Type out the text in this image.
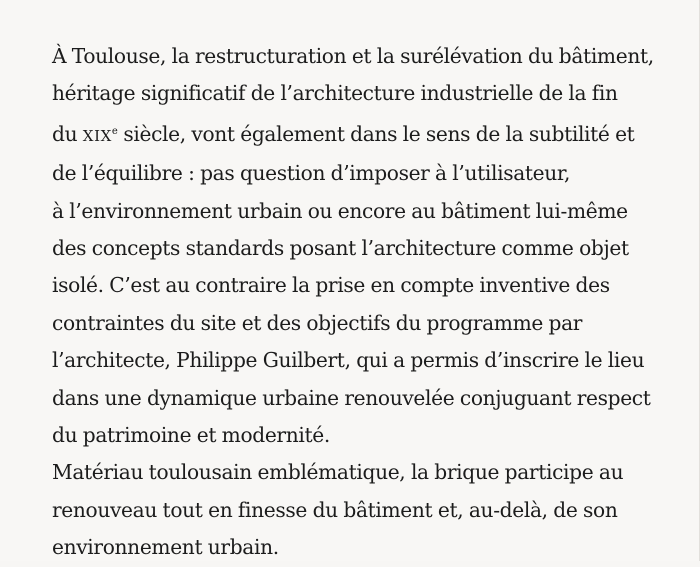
À Toulouse, la restructuration et la surélévation du bâtiment,
héritage significatif de l’architecture industrielle de la fin
du XIXe siècle, vont également dans le sens de la subtilité et
de l’équilibre : pas question d’imposer à l’utilisateur,
à l’environnement urbain ou encore au bâtiment lui-même
des concepts standards posant l’architecture comme objet
isolé. C’est au contraire la prise en compte inventive des
contraintes du site et des objectifs du programme par
l’architecte, Philippe Guilbert, qui a permis d’inscrire le lieu
dans une dynamique urbaine renouvelée conjuguant respect
du patrimoine et modernité.
Matériau toulousain emblématique, la brique participe au
renouveau tout en finesse du bâtiment et, au-delà, de son
environnement urbain.
